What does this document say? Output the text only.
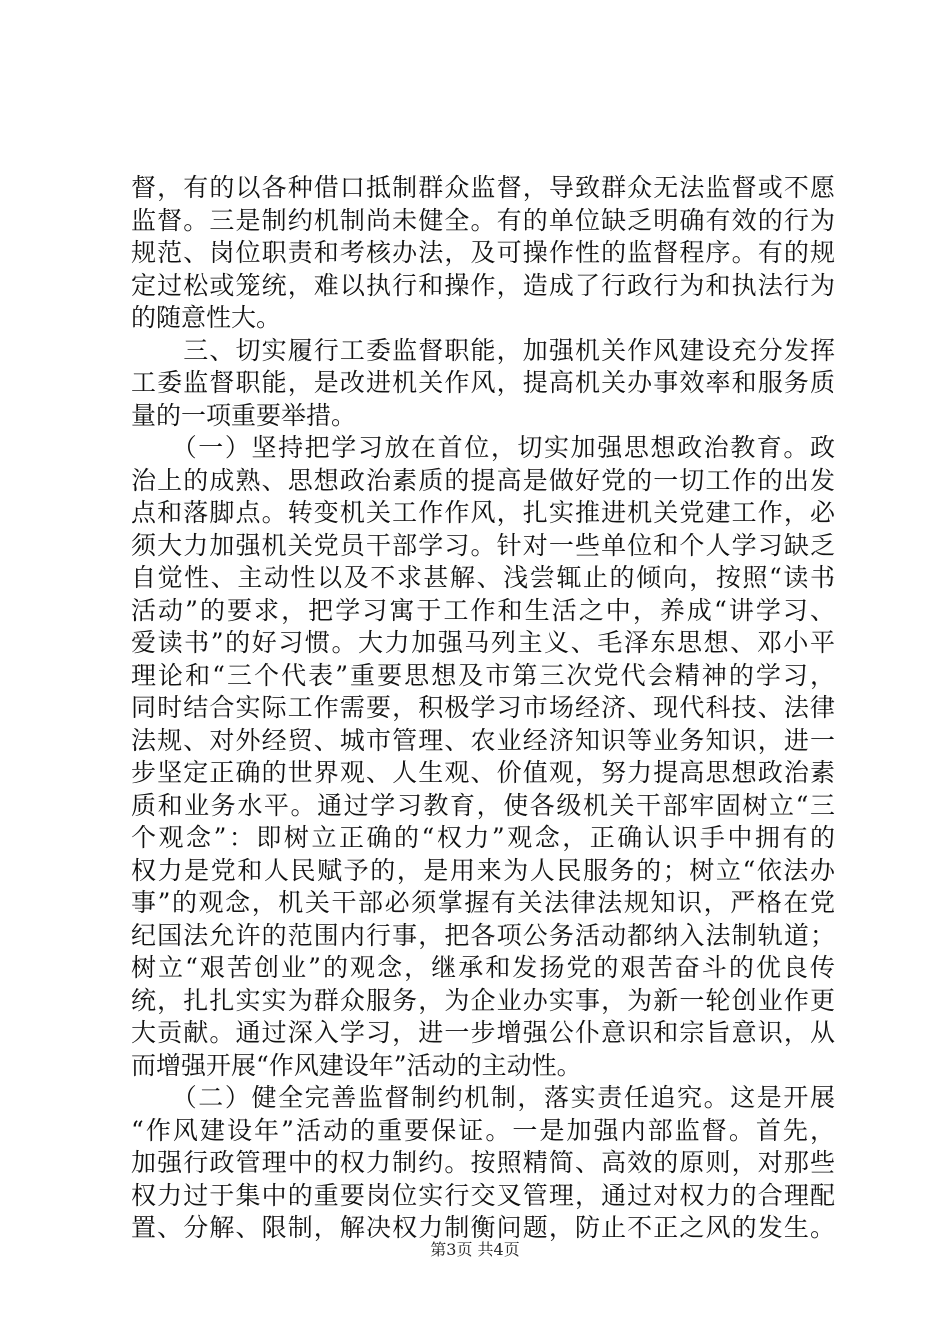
督，有的以各种借口抵制群众监督，导致群众无法监督或不愿
监督。三是制约机制尚未健全。有的单位缺乏明确有效的行为
规范、岗位职责和考核办法，及可操作性的监督程序。有的规
定过松或笼统，难以执行和操作，造成了行政行为和执法行为
的随意性大。
　　三、切实履行工委监督职能，加强机关作风建设充分发挥
工委监督职能，是改进机关作风，提高机关办事效率和服务质
量的一项重要举措。
　　（一）坚持把学习放在首位，切实加强思想政治教育。政
治上的成熟、思想政治素质的提高是做好党的一切工作的出发
点和落脚点。转变机关工作作风，扎实推进机关党建工作，必
须大力加强机关党员干部学习。针对一些单位和个人学习缺乏
自觉性、主动性以及不求甚解、浅尝辄止的倾向，按照“读书
活动”的要求，把学习寓于工作和生活之中，养成“讲学习、
爱读书”的好习惯。大力加强马列主义、毛泽东思想、邓小平
理论和“三个代表”重要思想及市第三次党代会精神的学习，
同时结合实际工作需要，积极学习市场经济、现代科技、法律
法规、对外经贸、城市管理、农业经济知识等业务知识，进一
步坚定正确的世界观、人生观、价值观，努力提高思想政治素
质和业务水平。通过学习教育，使各级机关干部牢固树立“三
个观念”：即树立正确的“权力”观念，正确认识手中拥有的
权力是党和人民赋予的，是用来为人民服务的；树立“依法办
事”的观念，机关干部必须掌握有关法律法规知识，严格在党
纪国法允许的范围内行事，把各项公务活动都纳入法制轨道；
树立“艰苦创业”的观念，继承和发扬党的艰苦奋斗的优良传
统，扎扎实实为群众服务，为企业办实事，为新一轮创业作更
大贡献。通过深入学习，进一步增强公仆意识和宗旨意识，从
而增强开展“作风建设年”活动的主动性。
　　（二）健全完善监督制约机制，落实责任追究。这是开展
“作风建设年”活动的重要保证。一是加强内部监督。首先，
加强行政管理中的权力制约。按照精简、高效的原则，对那些
权力过于集中的重要岗位实行交叉管理，通过对权力的合理配
置、分解、限制，解决权力制衡问题，防止不正之风的发生。
第3页 共4页
